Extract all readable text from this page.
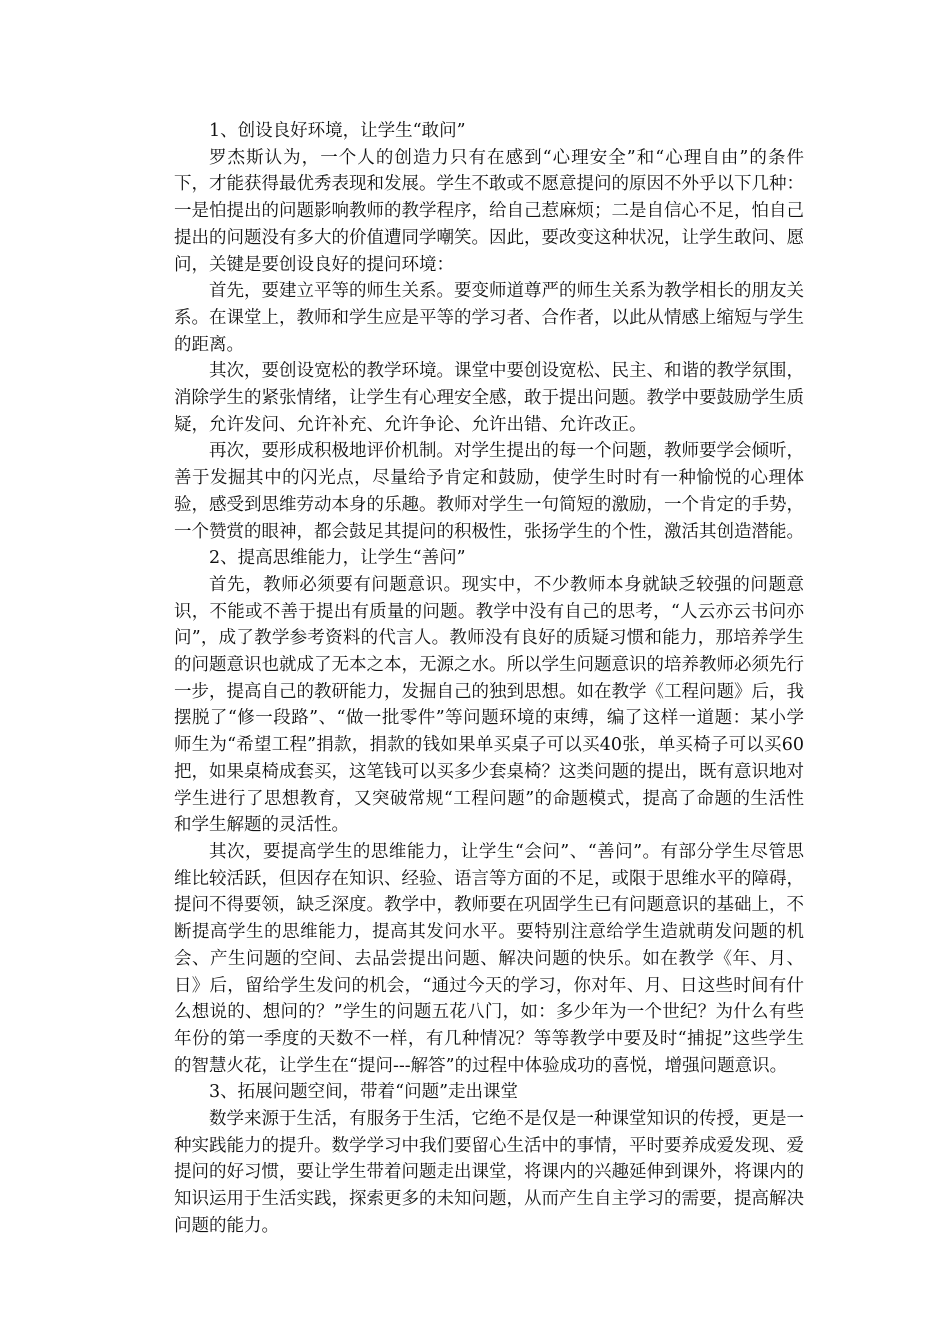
1、创设良好环境，让学生“敢问”

罗杰斯认为，一个人的创造力只有在感到“心理安全”和“心理自由”的条件下，才能获得最优秀表现和发展。学生不敢或不愿意提问的原因不外乎以下几种：一是怕提出的问题影响教师的教学程序，给自己惹麻烦；二是自信心不足，怕自己提出的问题没有多大的价值遭同学嘲笑。因此，要改变这种状况，让学生敢问、愿问，关键是要创设良好的提问环境：

首先，要建立平等的师生关系。要变师道尊严的师生关系为教学相长的朋友关系。在课堂上，教师和学生应是平等的学习者、合作者，以此从情感上缩短与学生的距离。

其次，要创设宽松的教学环境。课堂中要创设宽松、民主、和谐的教学氛围，消除学生的紧张情绪，让学生有心理安全感，敢于提出问题。教学中要鼓励学生质疑，允许发问、允许补充、允许争论、允许出错、允许改正。

再次，要形成积极地评价机制。对学生提出的每一个问题，教师要学会倾听，善于发掘其中的闪光点，尽量给予肯定和鼓励，使学生时时有一种愉悦的心理体验，感受到思维劳动本身的乐趣。教师对学生一句简短的激励，一个肯定的手势，一个赞赏的眼神，都会鼓足其提问的积极性，张扬学生的个性，激活其创造潜能。

2、提高思维能力，让学生“善问”

首先，教师必须要有问题意识。现实中，不少教师本身就缺乏较强的问题意识，不能或不善于提出有质量的问题。教学中没有自己的思考，“人云亦云书问亦问”，成了教学参考资料的代言人。教师没有良好的质疑习惯和能力，那培养学生的问题意识也就成了无本之本，无源之水。所以学生问题意识的培养教师必须先行一步，提高自己的教研能力，发掘自己的独到思想。如在教学《工程问题》后，我摆脱了“修一段路”、“做一批零件”等问题环境的束缚，编了这样一道题：某小学师生为“希望工程”捐款，捐款的钱如果单买桌子可以买40张，单买椅子可以买60把，如果桌椅成套买，这笔钱可以买多少套桌椅？这类问题的提出，既有意识地对学生进行了思想教育，又突破常规“工程问题”的命题模式，提高了命题的生活性和学生解题的灵活性。

其次，要提高学生的思维能力，让学生“会问”、“善问”。有部分学生尽管思维比较活跃，但因存在知识、经验、语言等方面的不足，或限于思维水平的障碍，提问不得要领，缺乏深度。教学中，教师要在巩固学生已有问题意识的基础上，不断提高学生的思维能力，提高其发问水平。要特别注意给学生造就萌发问题的机会、产生问题的空间、去品尝提出问题、解决问题的快乐。如在教学《年、月、日》后，留给学生发问的机会，“通过今天的学习，你对年、月、日这些时间有什么想说的、想问的？”学生的问题五花八门，如：多少年为一个世纪？为什么有些年份的第一季度的天数不一样，有几种情况？等等教学中要及时“捕捉”这些学生的智慧火花，让学生在“提问---解答”的过程中体验成功的喜悦，增强问题意识。

3、拓展问题空间，带着“问题”走出课堂

数学来源于生活，有服务于生活，它绝不是仅是一种课堂知识的传授，更是一种实践能力的提升。数学学习中我们要留心生活中的事情，平时要养成爱发现、爱提问的好习惯，要让学生带着问题走出课堂，将课内的兴趣延伸到课外，将课内的知识运用于生活实践，探索更多的未知问题，从而产生自主学习的需要，提高解决问题的能力。
